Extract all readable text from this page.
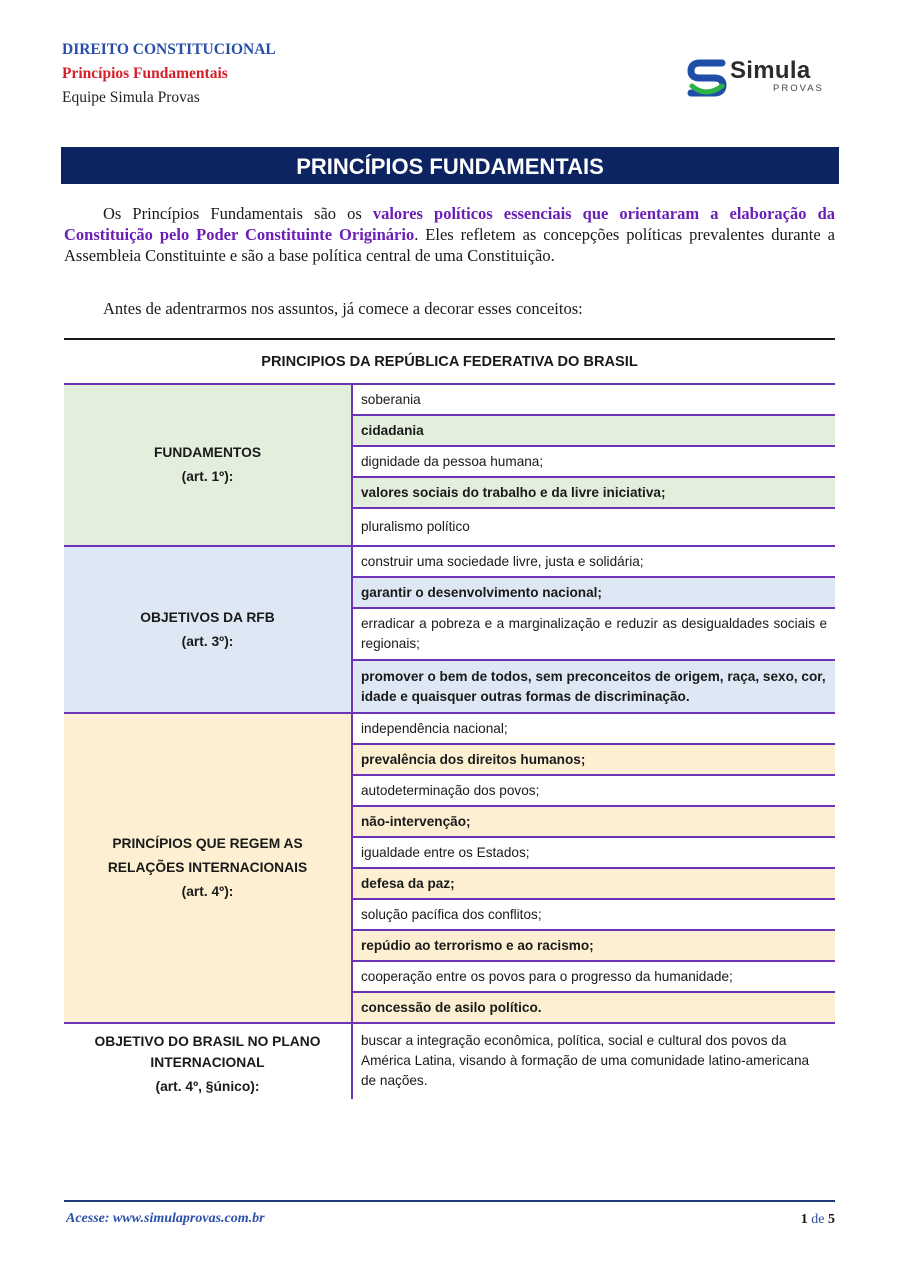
DIREITO CONSTITUCIONAL
Princípios Fundamentais
Equipe Simula Provas
Simula
PROVAS
PRINCÍPIOS FUNDAMENTAIS

Os Princípios Fundamentais são os valores políticos essenciais que orientaram a elaboração da Constituição pelo Poder Constituinte Originário. Eles refletem as concepções políticas prevalentes durante a Assembleia Constituinte e são a base política central de uma Constituição.

Antes de adentrarmos nos assuntos, já comece a decorar esses conceitos:

PRINCIPIOS DA REPÚBLICA FEDERATIVA DO BRASIL	

FUNDAMENTOS
(art. 1º):	soberania
	cidadania
	dignidade da pessoa humana;
	valores sociais do trabalho e da livre iniciativa;
	pluralismo político

OBJETIVOS DA RFB
(art. 3º):	construir uma sociedade livre, justa e solidária;
	garantir o desenvolvimento nacional;
	erradicar a pobreza e a marginalização e reduzir as desigualdades sociais e regionais;
	promover o bem de todos, sem preconceitos de origem, raça, sexo, cor, idade e quaisquer outras formas de discriminação.

PRINCÍPIOS QUE REGEM AS
RELAÇÕES INTERNACIONAIS
(art. 4º):	independência nacional;
	prevalência dos direitos humanos;
	autodeterminação dos povos;
	não-intervenção;
	igualdade entre os Estados;
	defesa da paz;
	solução pacífica dos conflitos;
	repúdio ao terrorismo e ao racismo;
	cooperação entre os povos para o progresso da humanidade;
	concessão de asilo político.

OBJETIVO DO BRASIL NO PLANO
INTERNACIONAL
(art. 4º, §único):	buscar a integração econômica, política, social e cultural dos povos da América Latina, visando à formação de uma comunidade latino-americana de nações.
Acesse: www.simulaprovas.com.br	1 de 5
